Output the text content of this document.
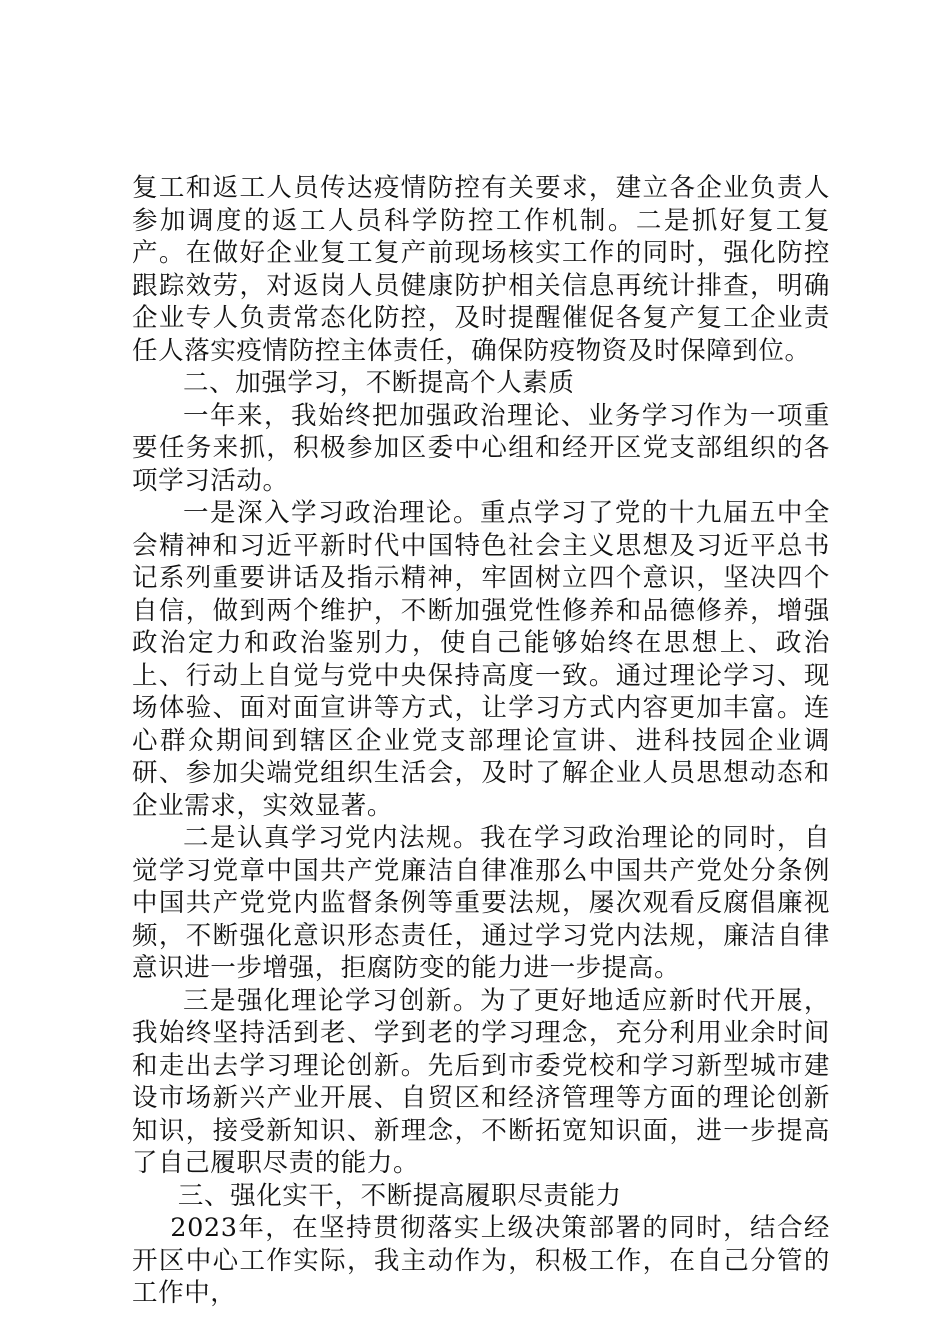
复工和返工人员传达疫情防控有关要求，建立各企业负责人参加调度的返工人员科学防控工作机制。二是抓好复工复产。在做好企业复工复产前现场核实工作的同时，强化防控跟踪效劳，对返岗人员健康防护相关信息再统计排查，明确企业专人负责常态化防控，及时提醒催促各复产复工企业责任人落实疫情防控主体责任，确保防疫物资及时保障到位。

二、加强学习，不断提高个人素质

一年来，我始终把加强政治理论、业务学习作为一项重要任务来抓，积极参加区委中心组和经开区党支部组织的各项学习活动。

一是深入学习政治理论。重点学习了党的十九届五中全会精神和习近平新时代中国特色社会主义思想及习近平总书记系列重要讲话及指示精神，牢固树立四个意识，坚决四个自信，做到两个维护，不断加强党性修养和品德修养，增强政治定力和政治鉴别力，使自己能够始终在思想上、政治上、行动上自觉与党中央保持高度一致。通过理论学习、现场体验、面对面宣讲等方式，让学习方式内容更加丰富。连心群众期间到辖区企业党支部理论宣讲、进科技园企业调研、参加尖端党组织生活会，及时了解企业人员思想动态和企业需求，实效显著。

二是认真学习党内法规。我在学习政治理论的同时，自觉学习党章中国共产党廉洁自律准那么中国共产党处分条例中国共产党党内监督条例等重要法规，屡次观看反腐倡廉视频，不断强化意识形态责任，通过学习党内法规，廉洁自律意识进一步增强，拒腐防变的能力进一步提高。

三是强化理论学习创新。为了更好地适应新时代开展，我始终坚持活到老、学到老的学习理念，充分利用业余时间和走出去学习理论创新。先后到市委党校和学习新型城市建设市场新兴产业开展、自贸区和经济管理等方面的理论创新知识，接受新知识、新理念，不断拓宽知识面，进一步提高了自己履职尽责的能力。

三、强化实干，不断提高履职尽责能力

2023年，在坚持贯彻落实上级决策部署的同时，结合经开区中心工作实际，我主动作为，积极工作，在自己分管的工作中，
